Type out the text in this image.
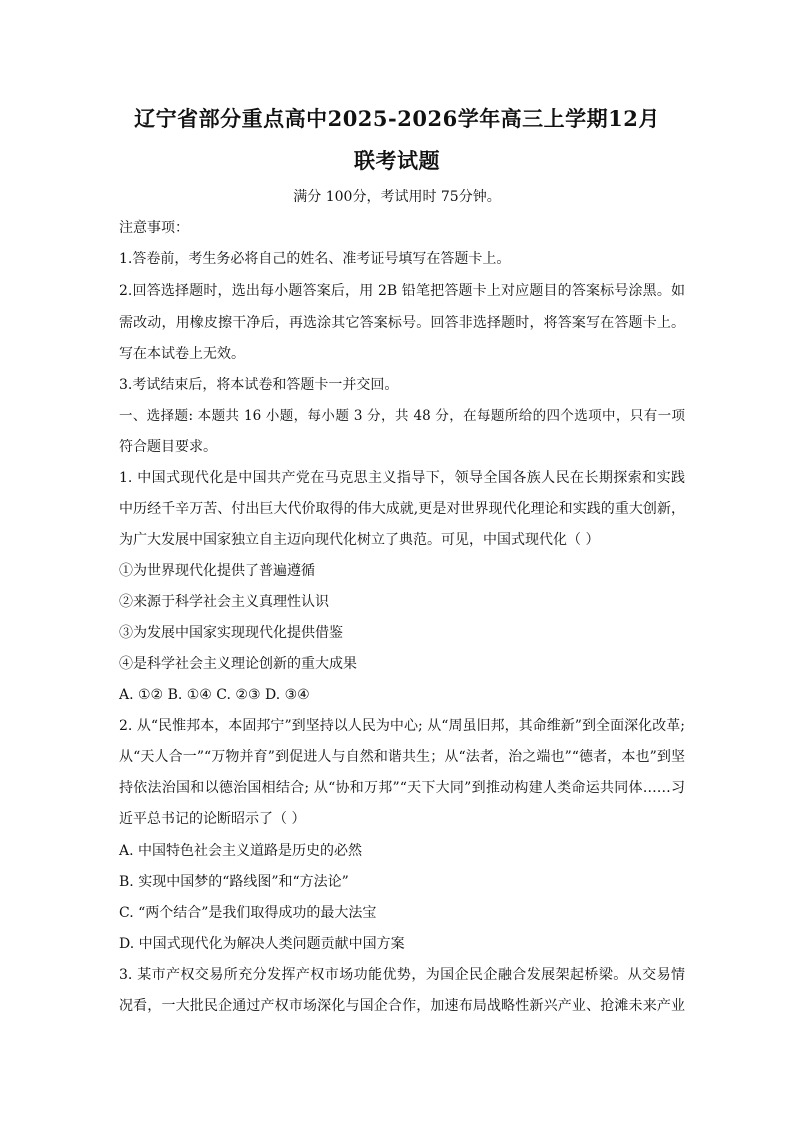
辽宁省部分重点高中2025-2026学年高三上学期12月
联考试题
满分 100分，考试用时 75分钟。
注意事项：
1.答卷前，考生务必将自己的姓名、准考证号填写在答题卡上。
2.回答选择题时，选出每小题答案后，用 2B 铅笔把答题卡上对应题目的答案标号涂黑。如
需改动，用橡皮擦干净后，再选涂其它答案标号。回答非选择题时，将答案写在答题卡上。
写在本试卷上无效。
3.考试结束后，将本试卷和答题卡一并交回。
一、选择题: 本题共 16 小题，每小题 3 分，共 48 分，在每题所给的四个选项中，只有一项
符合题目要求。
1. 中国式现代化是中国共产党在马克思主义指导下，领导全国各族人民在长期探索和实践
中历经千辛万苦、付出巨大代价取得的伟大成就,更是对世界现代化理论和实践的重大创新，
为广大发展中国家独立自主迈向现代化树立了典范。可见，中国式现代化（ ）
①为世界现代化提供了普遍遵循
②来源于科学社会主义真理性认识
③为发展中国家实现现代化提供借鉴
④是科学社会主义理论创新的重大成果
A. ①② B. ①④ C. ②③ D. ③④
2. 从“民惟邦本，本固邦宁”到坚持以人民为中心; 从“周虽旧邦，其命维新”到全面深化改革;
从“天人合一”“万物并育”到促进人与自然和谐共生；从“法者，治之端也”“德者，本也”到坚
持依法治国和以德治国相结合; 从“协和万邦”“天下大同”到推动构建人类命运共同体……习
近平总书记的论断昭示了（ ）
A. 中国特色社会主义道路是历史的必然
B. 实现中国梦的“路线图”和“方法论”
C. “两个结合”是我们取得成功的最大法宝
D. 中国式现代化为解决人类问题贡献中国方案
3. 某市产权交易所充分发挥产权市场功能优势，为国企民企融合发展架起桥梁。从交易情
况看，一大批民企通过产权市场深化与国企合作，加速布局战略性新兴产业、抢滩未来产业
